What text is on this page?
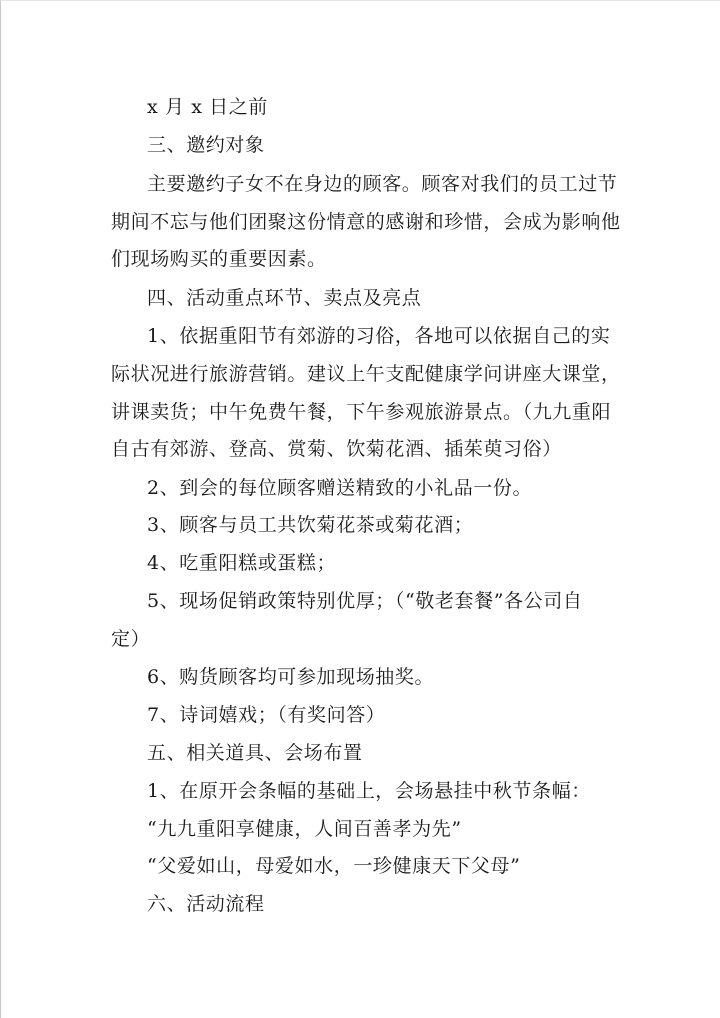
x 月 x 日之前
三、邀约对象
主要邀约子女不在身边的顾客。顾客对我们的员工过节
期间不忘与他们团聚这份情意的感谢和珍惜，会成为影响他
们现场购买的重要因素。
四、活动重点环节、卖点及亮点
1、依据重阳节有郊游的习俗，各地可以依据自己的实
际状况进行旅游营销。建议上午支配健康学问讲座大课堂，
讲课卖货；中午免费午餐，下午参观旅游景点。（九九重阳
自古有郊游、登高、赏菊、饮菊花酒、插茱萸习俗）
2、到会的每位顾客赠送精致的小礼品一份。
3、顾客与员工共饮菊花茶或菊花酒；
4、吃重阳糕或蛋糕；
5、现场促销政策特别优厚；（“敬老套餐”各公司自
定）
6、购货顾客均可参加现场抽奖。
7、诗词嬉戏；（有奖问答）
五、相关道具、会场布置
1、在原开会条幅的基础上，会场悬挂中秋节条幅：
“九九重阳享健康，人间百善孝为先”
“父爱如山，母爱如水，一珍健康天下父母”
六、活动流程
